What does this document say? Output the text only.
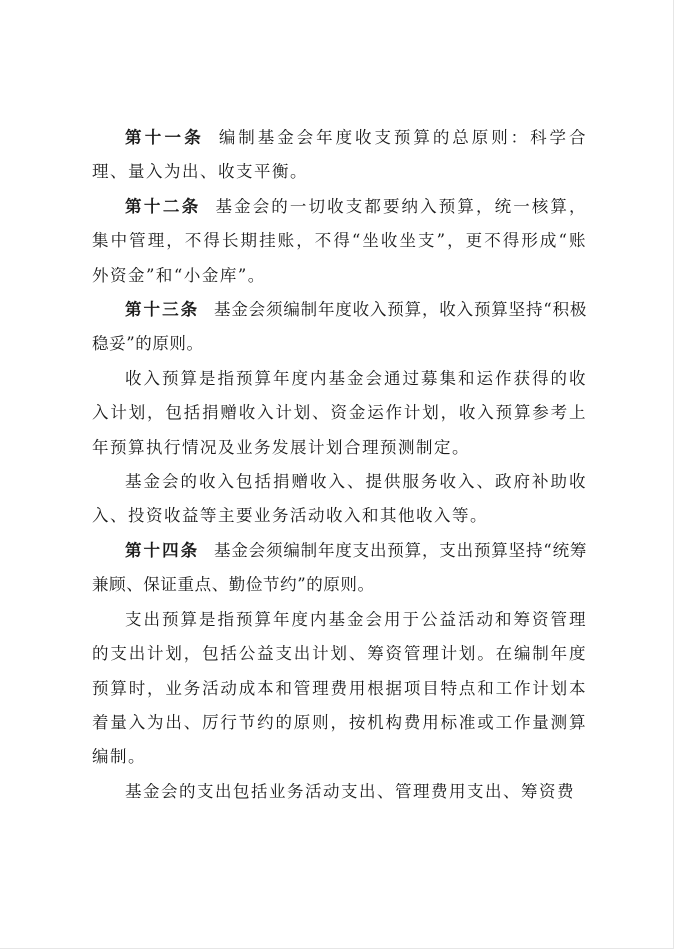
第十一条 编制基金会年度收支预算的总原则：科学合理、量入为出、收支平衡。

第十二条 基金会的一切收支都要纳入预算，统一核算，集中管理，不得长期挂账，不得“坐收坐支”，更不得形成“账外资金”和“小金库”。

第十三条 基金会须编制年度收入预算，收入预算坚持“积极稳妥”的原则。

收入预算是指预算年度内基金会通过募集和运作获得的收入计划，包括捐赠收入计划、资金运作计划，收入预算参考上年预算执行情况及业务发展计划合理预测制定。

基金会的收入包括捐赠收入、提供服务收入、政府补助收入、投资收益等主要业务活动收入和其他收入等。

第十四条 基金会须编制年度支出预算，支出预算坚持“统筹兼顾、保证重点、勤俭节约”的原则。

支出预算是指预算年度内基金会用于公益活动和筹资管理的支出计划，包括公益支出计划、筹资管理计划。在编制年度预算时，业务活动成本和管理费用根据项目特点和工作计划本着量入为出、厉行节约的原则，按机构费用标准或工作量测算编制。

基金会的支出包括业务活动支出、管理费用支出、筹资费
